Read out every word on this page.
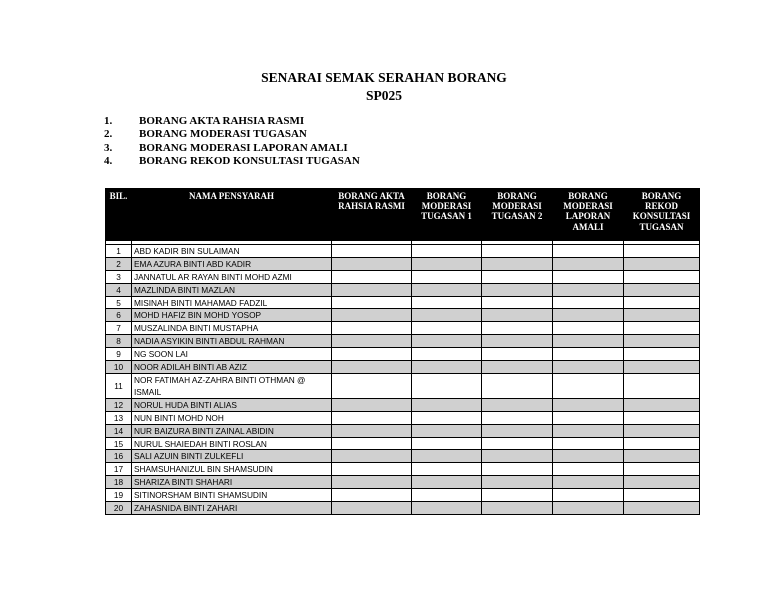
SENARAI SEMAK SERAHAN BORANG
SP025
1.	BORANG AKTA RAHSIA RASMI
2.	BORANG MODERASI TUGASAN
3.	BORANG MODERASI LAPORAN AMALI
4.	BORANG REKOD KONSULTASI TUGASAN
BIL.	NAMA PENSYARAH	BORANG AKTA RAHSIA RASMI	BORANG MODERASI TUGASAN 1	BORANG MODERASI TUGASAN 2	BORANG MODERASI LAPORAN AMALI	BORANG REKOD KONSULTASI TUGASAN

1	ABD KADIR BIN SULAIMAN					
2	EMA AZURA BINTI ABD KADIR					
3	JANNATUL AR RAYAN BINTI MOHD AZMI					
4	MAZLINDA BINTI MAZLAN					
5	MISINAH BINTI MAHAMAD FADZIL					
6	MOHD HAFIZ BIN MOHD YOSOP					
7	MUSZALINDA BINTI MUSTAPHA					
8	NADIA ASYIKIN BINTI ABDUL RAHMAN					
9	NG SOON LAI					
10	NOOR ADILAH BINTI AB AZIZ					
11	NOR FATIMAH AZ-ZAHRA BINTI OTHMAN @ ISMAIL					
12	NORUL HUDA BINTI ALIAS					
13	NUN BINTI MOHD NOH					
14	NUR BAIZURA BINTI ZAINAL ABIDIN					
15	NURUL SHAIEDAH BINTI ROSLAN					
16	SALI AZUIN BINTI ZULKEFLI					
17	SHAMSUHANIZUL BIN SHAMSUDIN					
18	SHARIZA BINTI SHAHARI					
19	SITINORSHAM BINTI SHAMSUDIN					
20	ZAHASNIDA BINTI ZAHARI					
